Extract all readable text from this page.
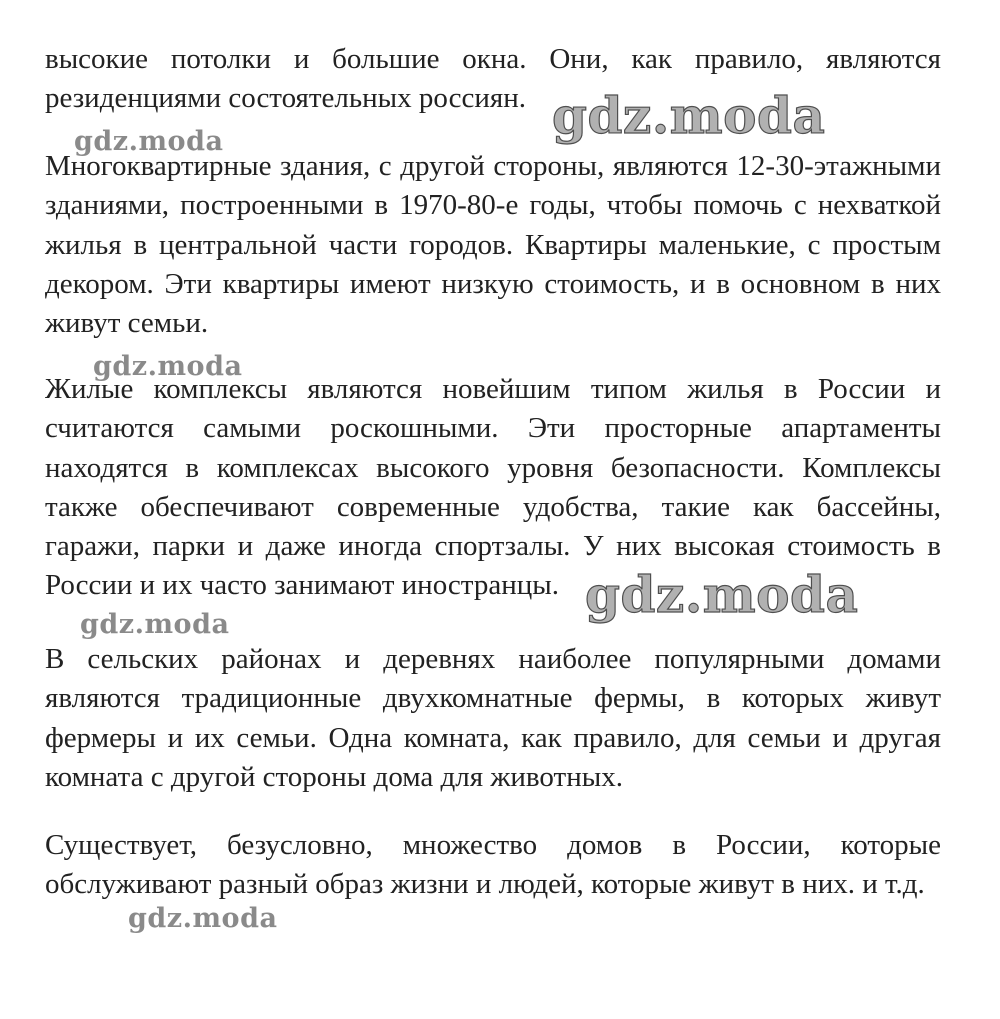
высокие потолки и большие окна. Они, как правило, являются резиденциями состоятельных россиян.

Многоквартирные здания, с другой стороны, являются 12-30-этажными зданиями, построенными в 1970-80-е годы, чтобы помочь с нехваткой жилья в центральной части городов. Квартиры маленькие, с простым декором. Эти квартиры имеют низкую стоимость, и в основном в них живут семьи.

Жилые комплексы являются новейшим типом жилья в России и считаются самыми роскошными. Эти просторные апартаменты находятся в комплексах высокого уровня безопасности. Комплексы также обеспечивают современные удобства, такие как бассейны, гаражи, парки и даже иногда спортзалы. У них высокая стоимость в России и их часто занимают иностранцы.

В сельских районах и деревнях наиболее популярными домами являются традиционные двухкомнатные фермы, в которых живут фермеры и их семьи. Одна комната, как правило, для семьи и другая комната с другой стороны дома для животных.

Существует, безусловно, множество домов в России, которые обслуживают разный образ жизни и людей, которые живут в них. и т.д.

gdz.moda	gdz.moda
gdz.moda
gdz.moda
gdz.moda
gdz.moda
